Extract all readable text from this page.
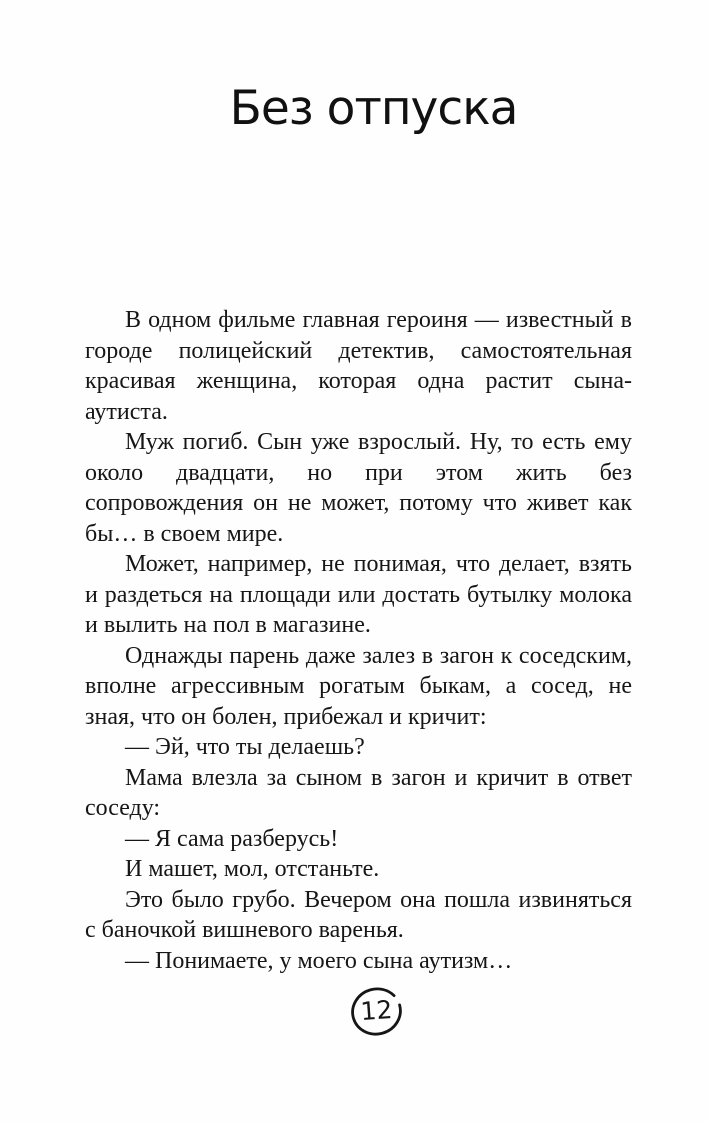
Без отпуска

В одном фильме главная героиня — известный в городе полицейский детектив, самостоятельная красивая женщина, которая одна растит сына-аутиста.

Муж погиб. Сын уже взрослый. Ну, то есть ему около двадцати, но при этом жить без сопровождения он не может, потому что живет как бы… в своем мире.

Может, например, не понимая, что делает, взять и раздеться на площади или достать бутылку молока и вылить на пол в магазине.

Однажды парень даже залез в загон к соседским, вполне агрессивным рогатым быкам, а сосед, не зная, что он болен, прибежал и кричит:

— Эй, что ты делаешь?

Мама влезла за сыном в загон и кричит в ответ соседу:

— Я сама разберусь!

И машет, мол, отстаньте.

Это было грубо. Вечером она пошла извиняться с баночкой вишневого варенья.

— Понимаете, у моего сына аутизм…

12
